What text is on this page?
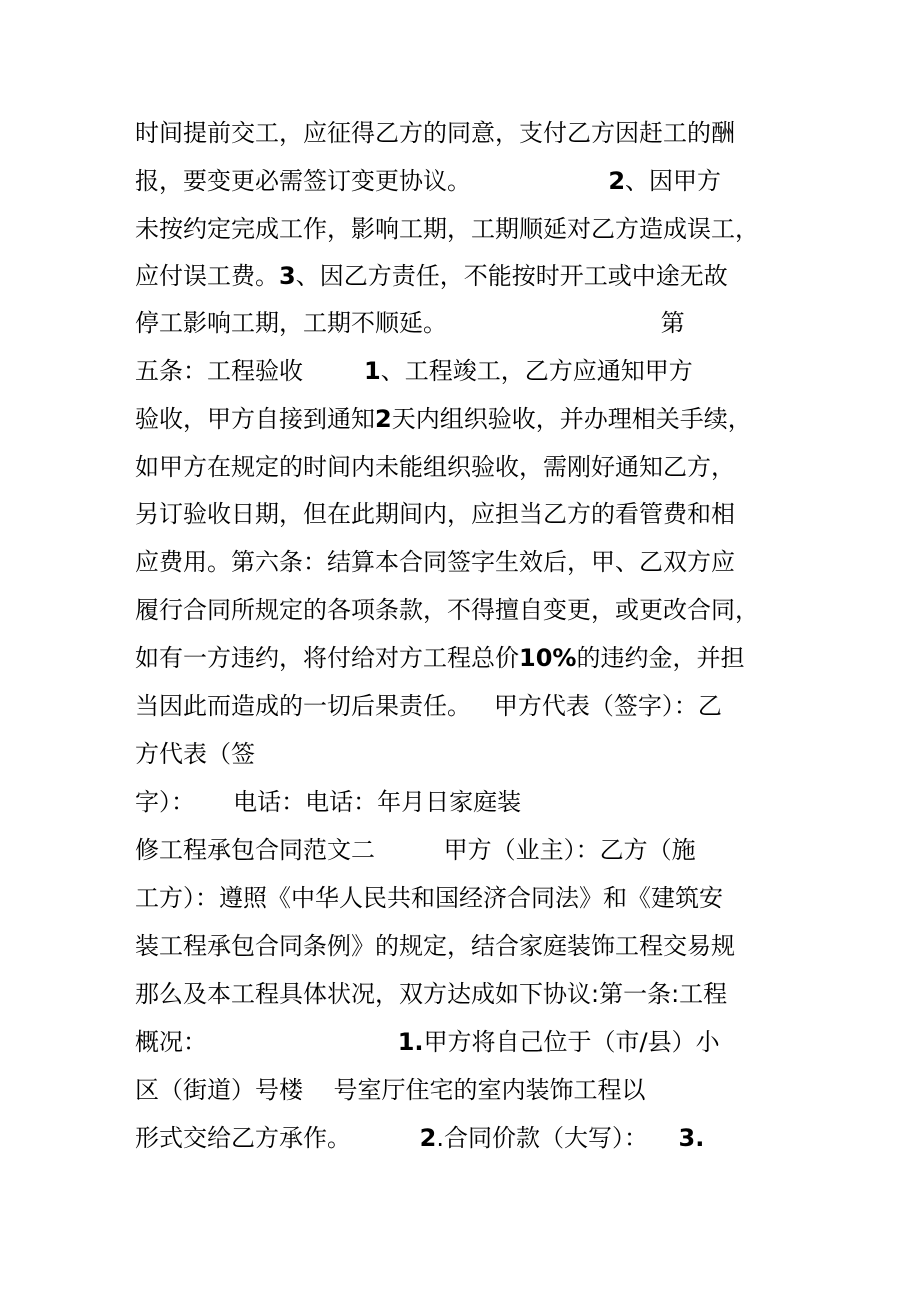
时间提前交工，应征得乙方的同意，支付乙方因赶工的酬
报，要变更必需签订变更协议。                  2、因甲方
未按约定完成工作，影响工期，工期顺延对乙方造成误工，
应付误工费。3、因乙方责任，不能按时开工或中途无故
停工影响工期，工期不顺延。                            第
五条：工程验收        1、工程竣工，乙方应通知甲方
验收，甲方自接到通知2天内组织验收，并办理相关手续，
如甲方在规定的时间内未能组织验收，需刚好通知乙方，
另订验收日期，但在此期间内，应担当乙方的看管费和相
应费用。第六条：结算本合同签字生效后，甲、乙双方应
履行合同所规定的各项条款，不得擅自变更，或更改合同，
如有一方违约，将付给对方工程总价10%的违约金，并担
当因此而造成的一切后果责任。   甲方代表（签字）：乙
方代表（签
字）：     电话：电话：年月日家庭装
修工程承包合同范文二         甲方（业主）：乙方（施
工方）：遵照《中华人民共和国经济合同法》和《建筑安
装工程承包合同条例》的规定，结合家庭装饰工程交易规
那么及本工程具体状况，双方达成如下协议:第一条:工程
概况：                         1.甲方将自己位于（市/县）小
区（街道）号楼    号室厅住宅的室内装饰工程以
形式交给乙方承作。         2.合同价款（大写）：    3.
